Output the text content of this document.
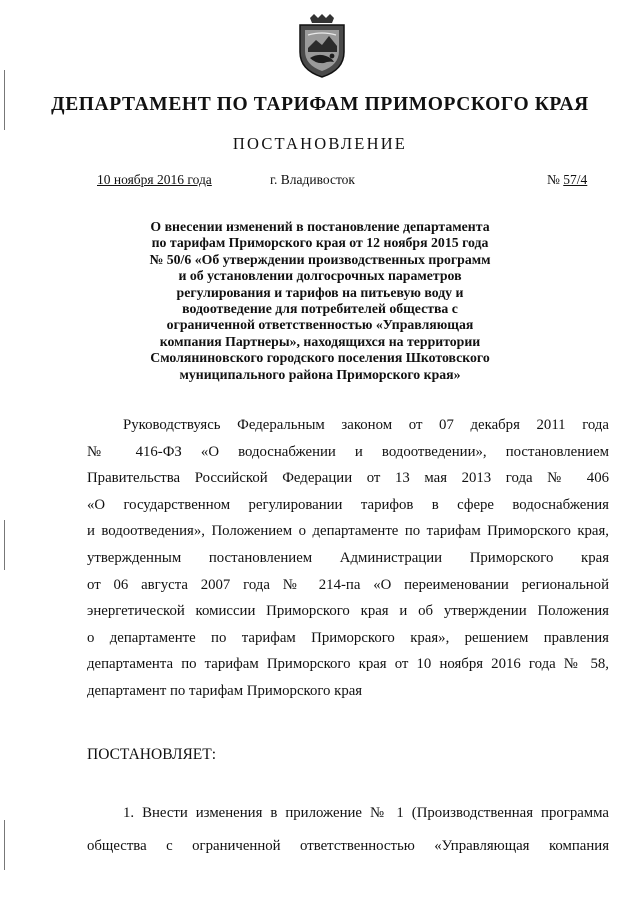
ДЕПАРТАМЕНТ ПО ТАРИФАМ ПРИМОРСКОГО КРАЯ
ПОСТАНОВЛЕНИЕ
10 ноября 2016 года	г. Владивосток	№ 57/4
О внесении изменений в постановление департамента
по тарифам Приморского края от 12 ноября 2015 года
№ 50/6 «Об утверждении производственных программ
и об установлении долгосрочных параметров
регулирования и тарифов на питьевую воду и
водоотведение для потребителей общества с
ограниченной ответственностью «Управляющая
компания Партнеры», находящихся на территории
Смолянинoвского городского поселения Шкотовского
муниципального района Приморского края»
Руководствуясь Федеральным законом от 07 декабря 2011 года
№ 416-ФЗ «О водоснабжении и водоотведении», постановлением
Правительства Российской Федерации от 13 мая 2013 года № 406
«О государственном регулировании тарифов в сфере водоснабжения
и водоотведения», Положением о департаменте по тарифам Приморского края,
утвержденным постановлением Администрации Приморского края
от 06 августа 2007 года № 214-па «О переименовании региональной
энергетической комиссии Приморского края и об утверждении Положения
о департаменте по тарифам Приморского края», решением правления
департамента по тарифам Приморского края от 10 ноября 2016 года № 58,
департамент по тарифам Приморского края
ПОСТАНОВЛЯЕТ:
1. Внести изменения в приложение № 1 (Производственная программа
общества с ограниченной ответственностью «Управляющая компания
